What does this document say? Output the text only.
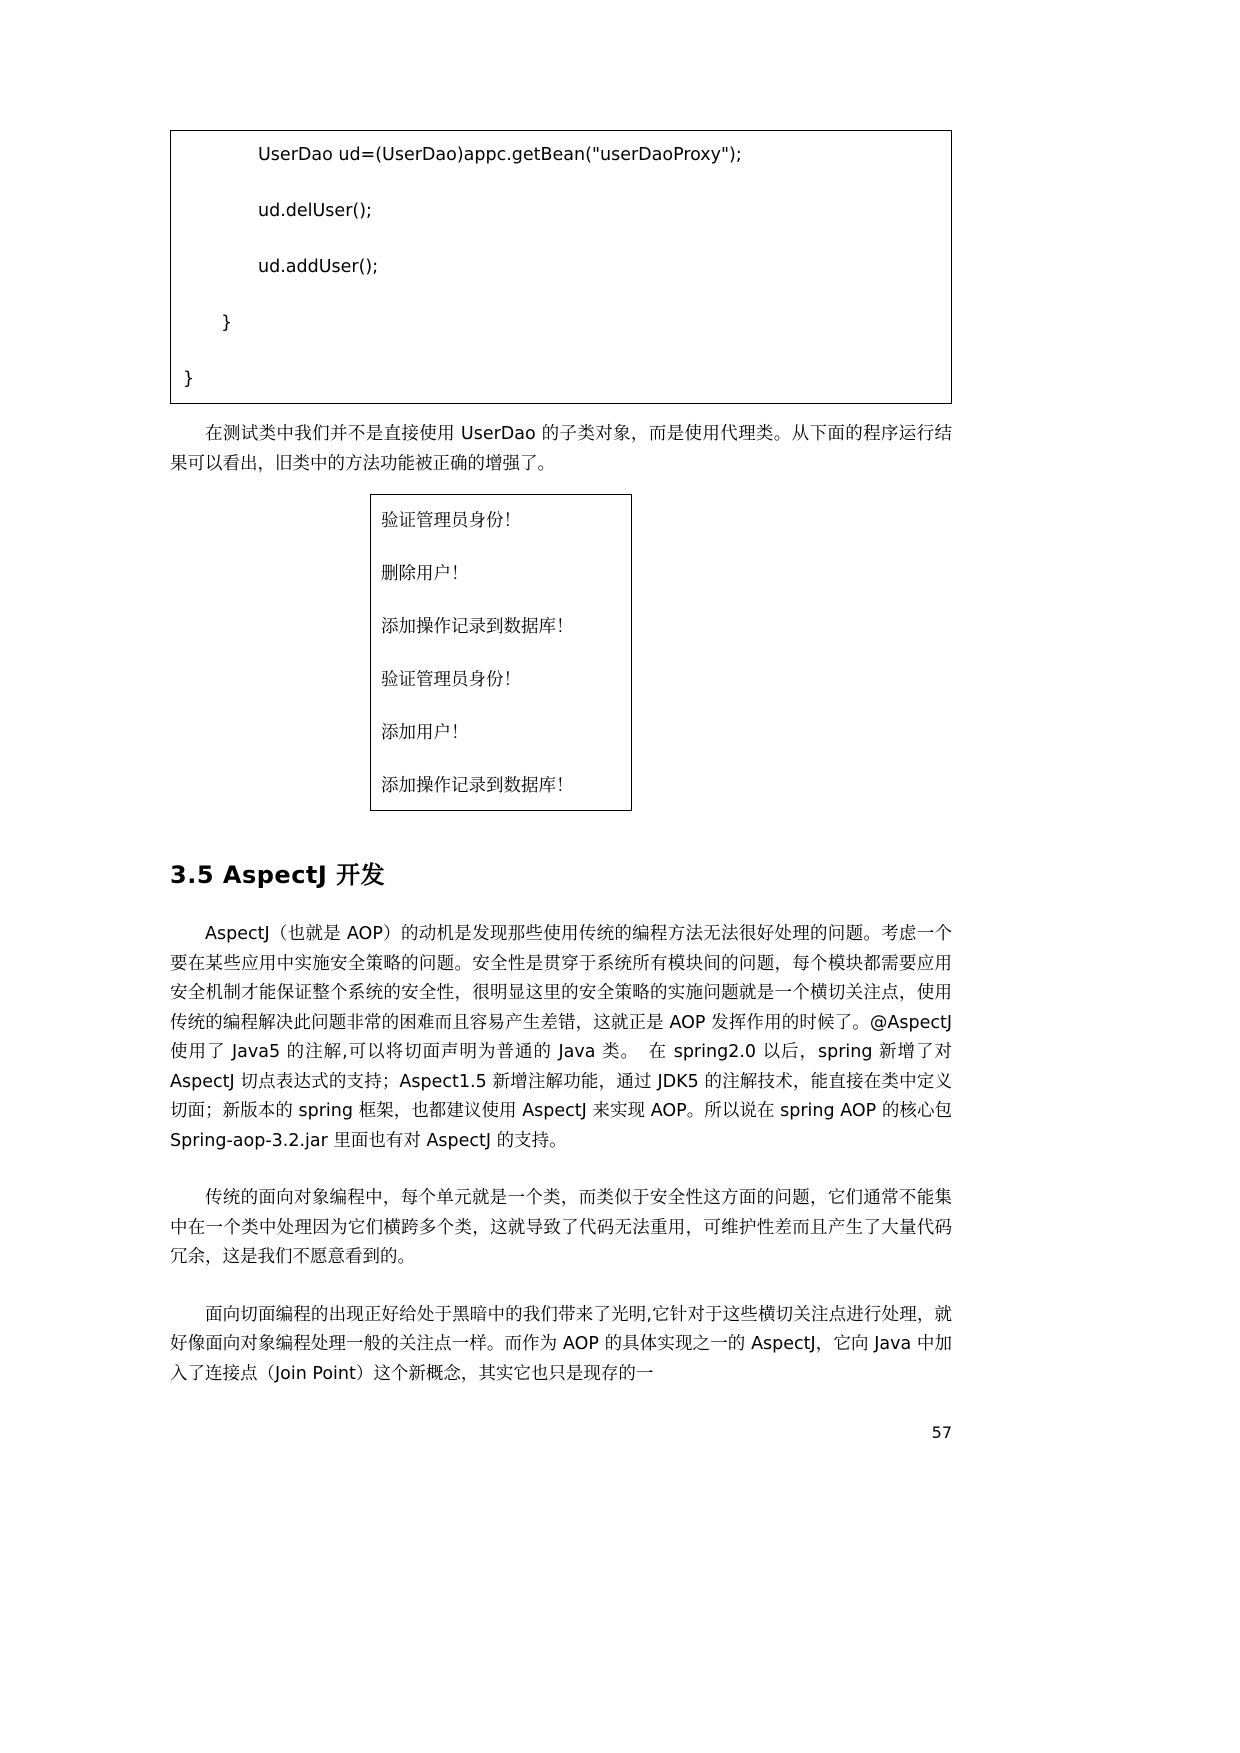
UserDao ud=(UserDao)appc.getBean("userDaoProxy");
ud.delUser();
ud.addUser();
}
}

在测试类中我们并不是直接使用 UserDao 的子类对象，而是使用代理类。从下面的程序运行结果可以看出，旧类中的方法功能被正确的增强了。

验证管理员身份！
删除用户！
添加操作记录到数据库！
验证管理员身份！
添加用户！
添加操作记录到数据库！
3.5 AspectJ 开发

AspectJ（也就是 AOP）的动机是发现那些使用传统的编程方法无法很好处理的问题。考虑一个要在某些应用中实施安全策略的问题。安全性是贯穿于系统所有模块间的问题，每个模块都需要应用安全机制才能保证整个系统的安全性，很明显这里的安全策略的实施问题就是一个横切关注点，使用传统的编程解决此问题非常的困难而且容易产生差错，这就正是 AOP 发挥作用的时候了。@AspectJ 使用了 Java5 的注解,可以将切面声明为普通的 Java 类。　在 spring2.0 以后，spring 新增了对 AspectJ 切点表达式的支持；Aspect1.5 新增注解功能，通过 JDK5 的注解技术，能直接在类中定义切面；新版本的 spring 框架，也都建议使用 AspectJ 来实现 AOP。所以说在 spring AOP 的核心包 Spring-aop-3.2.jar 里面也有对 AspectJ 的支持。

传统的面向对象编程中，每个单元就是一个类，而类似于安全性这方面的问题，它们通常不能集中在一个类中处理因为它们横跨多个类，这就导致了代码无法重用，可维护性差而且产生了大量代码冗余，这是我们不愿意看到的。

面向切面编程的出现正好给处于黑暗中的我们带来了光明,它针对于这些横切关注点进行处理，就好像面向对象编程处理一般的关注点一样。而作为 AOP 的具体实现之一的 AspectJ，它向 Java 中加入了连接点（Join Point）这个新概念，其实它也只是现存的一

57
